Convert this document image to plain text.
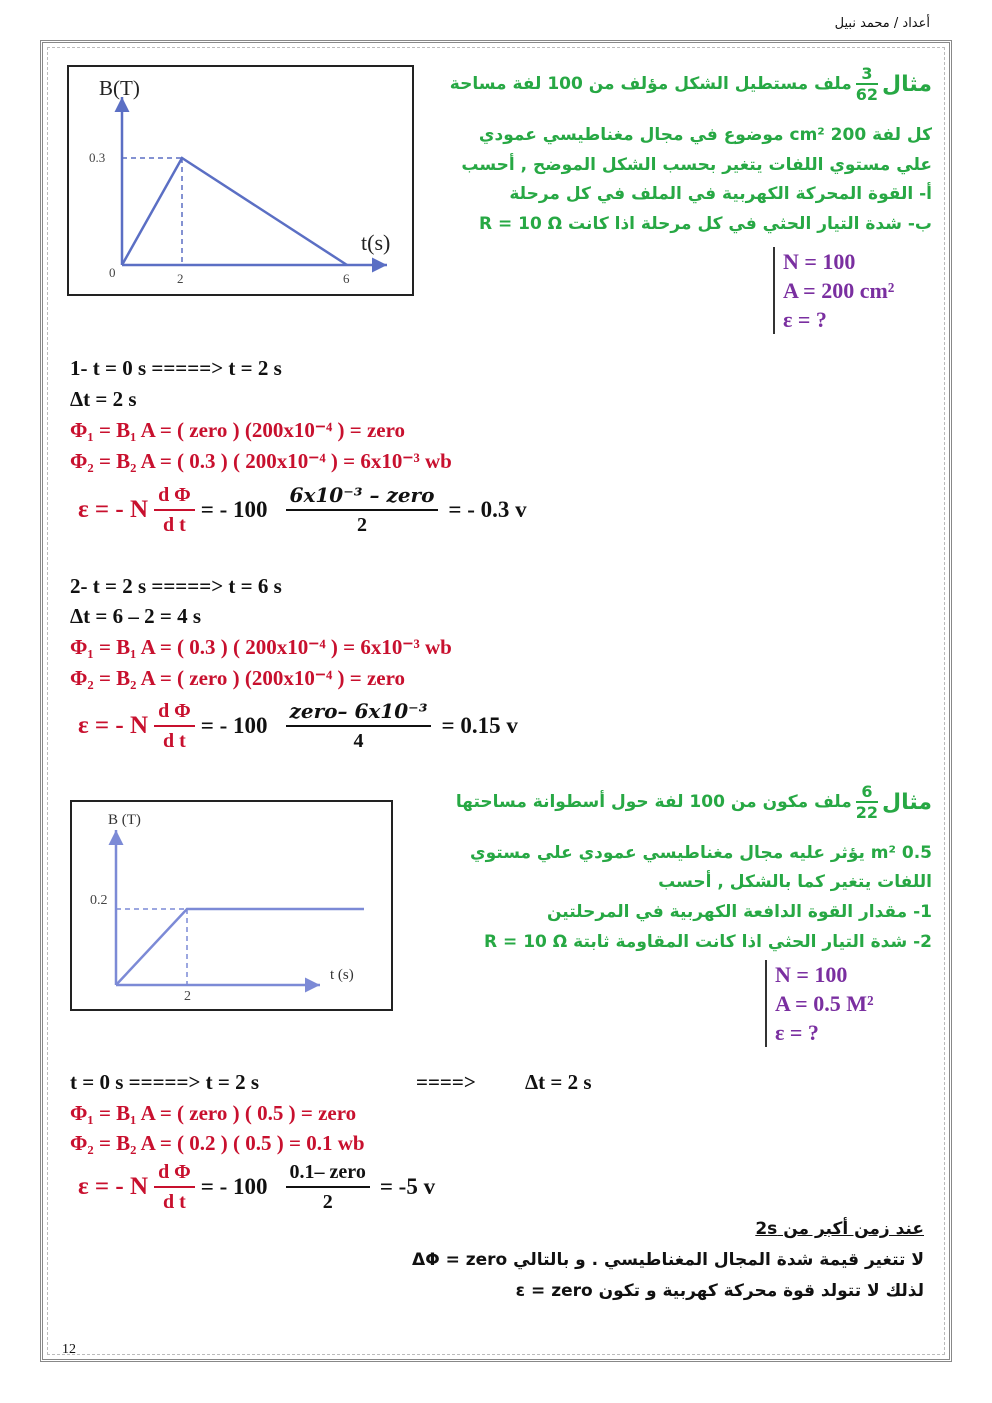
أعداد / محمد نبيل
12
B(T)
t(s)
0.3
0	2	6
مثال
3
62
ملف مستطيل الشكل مؤلف من 100 لفة مساحة
كل لفة 200 cm² موضوع في مجال مغناطيسي عمودي
علي مستوي اللفات يتغير بحسب الشكل الموضح , أحسب
أ- القوة المحركة الكهربية في الملف في كل مرحلة
ب- شدة التيار الحثي في كل مرحلة اذا كانت R = 10 Ω
N = 100
A = 200 cm²
ε = ?
1- t = 0 s =====> t = 2 s
Δt = 2 s
Φ₁ = B₁ A = ( zero ) (200x10⁻⁴ ) = zero
Φ₂ = B₂ A = ( 0.3 ) ( 200x10⁻⁴ ) = 6x10⁻³ wb
ε = - N $\frac{\text{d Φ}}{\text{d t}}$ = - $100 \frac{\text{6x10⁻³ – zero}}{2}$ = - 0.3 v
2- t = 2 s =====> t = 6 s
Δt = 6 – 2 = 4 s
Φ₁ = B₁ A = ( 0.3 ) ( 200x10⁻⁴ ) = 6x10⁻³ wb
Φ₂ = B₂ A = ( zero ) (200x10⁻⁴ ) = zero
ε = - N $\frac{\text{d Φ}}{\text{d t}}$ = - $100 \frac{\text{zero– 6x10⁻³}}{4} = 0.15$ v
B (T)
t (s)
0.2
2
مثال
6
22
ملف مكون من 100 لفة حول أسطوانة مساحتها
0.5 m² يؤثر عليه مجال مغناطيسي عمودي علي مستوي
اللفات يتغير كما بالشكل , أحسب
1- مقدار القوة الدافعة الكهربية في المرحلتين
2- شدة التيار الحثي اذا كانت المقاومة ثابتة R = 10 Ω
N = 100
A = 0.5 M²
ε = ?
t = 0 s =====> t = 2 s	====> Δt = 2 s
Φ₁ = B₁ A = ( zero ) ( 0.5 ) = zero
Φ₂ = B₂ A = ( 0.2 ) ( 0.5 ) = 0.1 wb
ε = - N $\frac{\text{d Φ}}{\text{d t}}$ = - $100 \frac{\text{0.1– zero}}{2} = -5$ v
عند زمن أكبر من 2s
لا تتغير قيمة شدة المجال المغناطيسي . و بالتالي ΔΦ = zero
لذلك لا تتولد قوة محركة كهربية و تكون ε = zero
